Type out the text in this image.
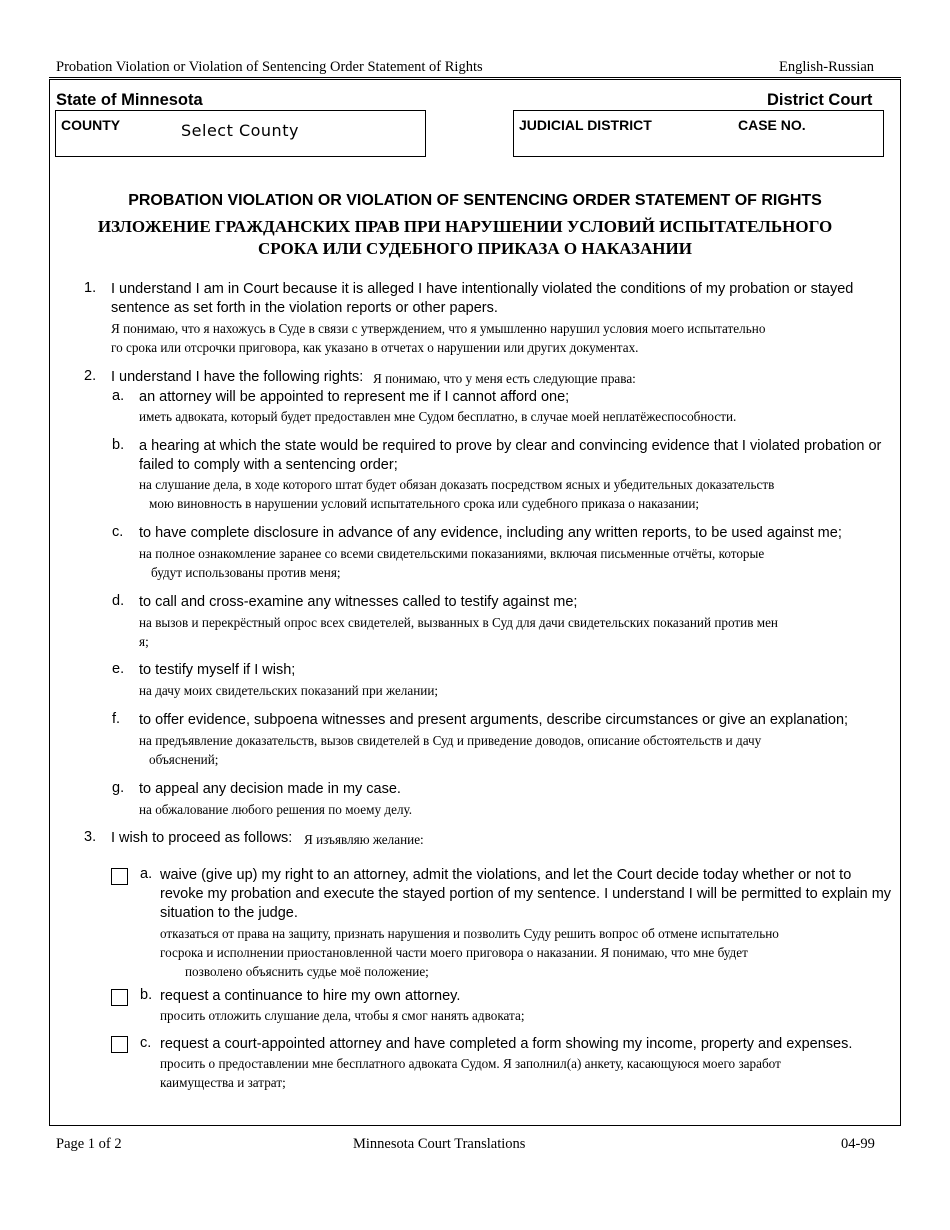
Probation Violation or Violation of Sentencing Order Statement of Rights	English-Russian
State of Minnesota	District Court
COUNTY	Select County	JUDICIAL DISTRICT	CASE NO.
PROBATION VIOLATION OR VIOLATION OF SENTENCING ORDER STATEMENT OF RIGHTS
ИЗЛОЖЕНИЕ ГРАЖДАНСКИХ ПРАВ ПРИ НАРУШЕНИИ УСЛОВИЙ ИСПЫТАТЕЛЬНОГО
СРОКА ИЛИ СУДЕБНОГО ПРИКАЗА О НАКАЗАНИИ
1. I understand I am in Court because it is alleged I have intentionally violated the conditions of my probation or stayed
sentence as set forth in the violation reports or other papers.
Я понимаю, что я нахожусь в Суде в связи с утверждением, что я умышленно нарушил условия моего испытательно
го срока или отсрочки приговора, как указано в отчетах о нарушении или других документах.
2. I understand I have the following rights: Я понимаю, что у меня есть следующие права:
a. an attorney will be appointed to represent me if I cannot afford one;
иметь адвоката, который будет предоставлен мне Судом бесплатно, в случае моей неплатёжеспособности.
b. a hearing at which the state would be required to prove by clear and convincing evidence that I violated probation or
failed to comply with a sentencing order;
на слушание дела, в ходе которого штат будет обязан доказать посредством ясных и убедительных доказательств
мою виновность в нарушении условий испытательного срока или судебного приказа о наказании;
c. to have complete disclosure in advance of any evidence, including any written reports, to be used against me;
на полное ознакомление заранее со всеми свидетельскими показаниями, включая письменные отчёты, которые
будут использованы против меня;
d. to call and cross-examine any witnesses called to testify against me;
на вызов и перекрёстный опрос всех свидетелей, вызванных в Суд для дачи свидетельских показаний против мен
я;
e. to testify myself if I wish;
на дачу моих свидетельских показаний при желании;
f. to offer evidence, subpoena witnesses and present arguments, describe circumstances or give an explanation;
на предъявление доказательств, вызов свидетелей в Суд и приведение доводов, описание обстоятельств и дачу
объяснений;
g. to appeal any decision made in my case.
на обжалование любого решения по моему делу.
3. I wish to proceed as follows: Я изъявляю желание:
a. waive (give up) my right to an attorney, admit the violations, and let the Court decide today whether or not to
revoke my probation and execute the stayed portion of my sentence. I understand I will be permitted to explain my
situation to the judge.
отказаться от права на защиту, признать нарушения и позволить Суду решить вопрос об отмене испытательно
госрока и исполнении приостановленной части моего приговора о наказании. Я понимаю, что мне будет
позволено объяснить судье моё положение;
b. request a continuance to hire my own attorney.
просить отложить слушание дела, чтобы я смог нанять адвоката;
c. request a court-appointed attorney and have completed a form showing my income, property and expenses.
просить о предоставлении мне бесплатного адвоката Судом. Я заполнил(а) анкету, касающуюся моего заработ
каимущества и затрат;
Page 1 of 2	Minnesota Court Translations	04-99
